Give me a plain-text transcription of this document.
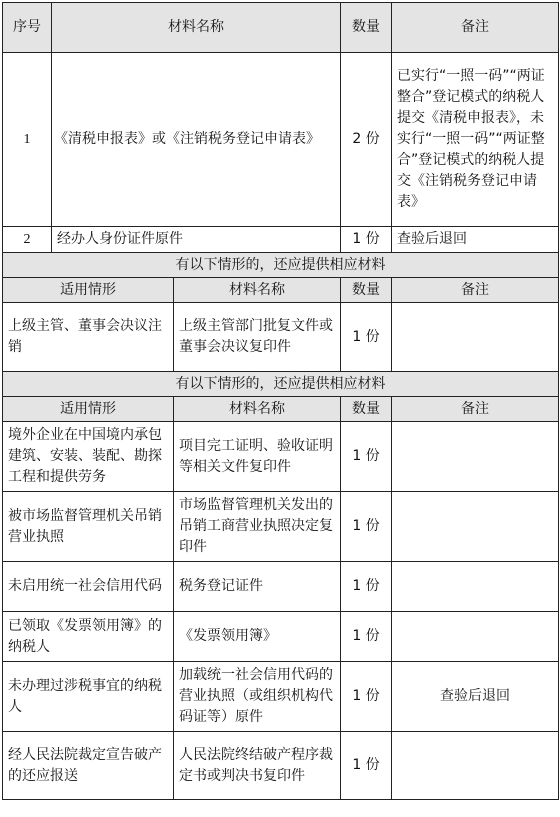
序号	材料名称		数量	备注
1	《清税申报表》或《注销税务登记申请表》		2 份	已实行“一照一码”“两证整合”登记模式的纳税人提交《清税申报表》，未实行“一照一码”“两证整合”登记模式的纳税人提交《注销税务登记申请表》
2	经办人身份证件原件		1 份	查验后退回
有以下情形的，还应提供相应材料				
适用情形		材料名称	数量	备注
上级主管、董事会决议注销		上级主管部门批复文件或董事会决议复印件	1 份	
有以下情形的，还应提供相应材料				
适用情形		材料名称	数量	备注
境外企业在中国境内承包建筑、安装、装配、勘探工程和提供劳务		项目完工证明、验收证明等相关文件复印件	1 份	
被市场监督管理机关吊销营业执照		市场监督管理机关发出的吊销工商营业执照决定复印件	1 份	
未启用统一社会信用代码		税务登记证件	1 份	
已领取《发票领用簿》的纳税人		《发票领用簿》	1 份	
未办理过涉税事宜的纳税人		加载统一社会信用代码的营业执照（或组织机构代码证等）原件	1 份	查验后退回
经人民法院裁定宣告破产的还应报送		人民法院终结破产程序裁定书或判决书复印件	1 份	
